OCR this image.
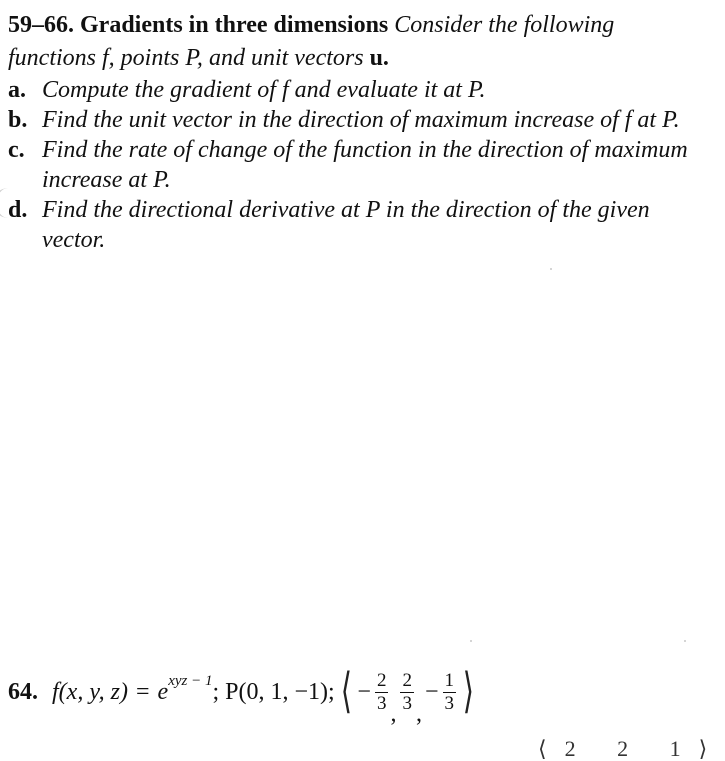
59–66. Gradients in three dimensions Consider the following
functions f, points P, and unit vectors u.
a. Compute the gradient of f and evaluate it at P.
b. Find the unit vector in the direction of maximum increase of f at P.
c. Find the rate of change of the function in the direction of maximum increase at P.
d. Find the directional derivative at P in the direction of the given vector.
64. f(x, y, z) = e xyz − 1 ; P(0, 1, −1); ⟨ − $\frac{2}{3}$
,
$\frac{2}{3}$
,
− $\frac{1}{3}$ ⟩
⟨2 2 1⟩
